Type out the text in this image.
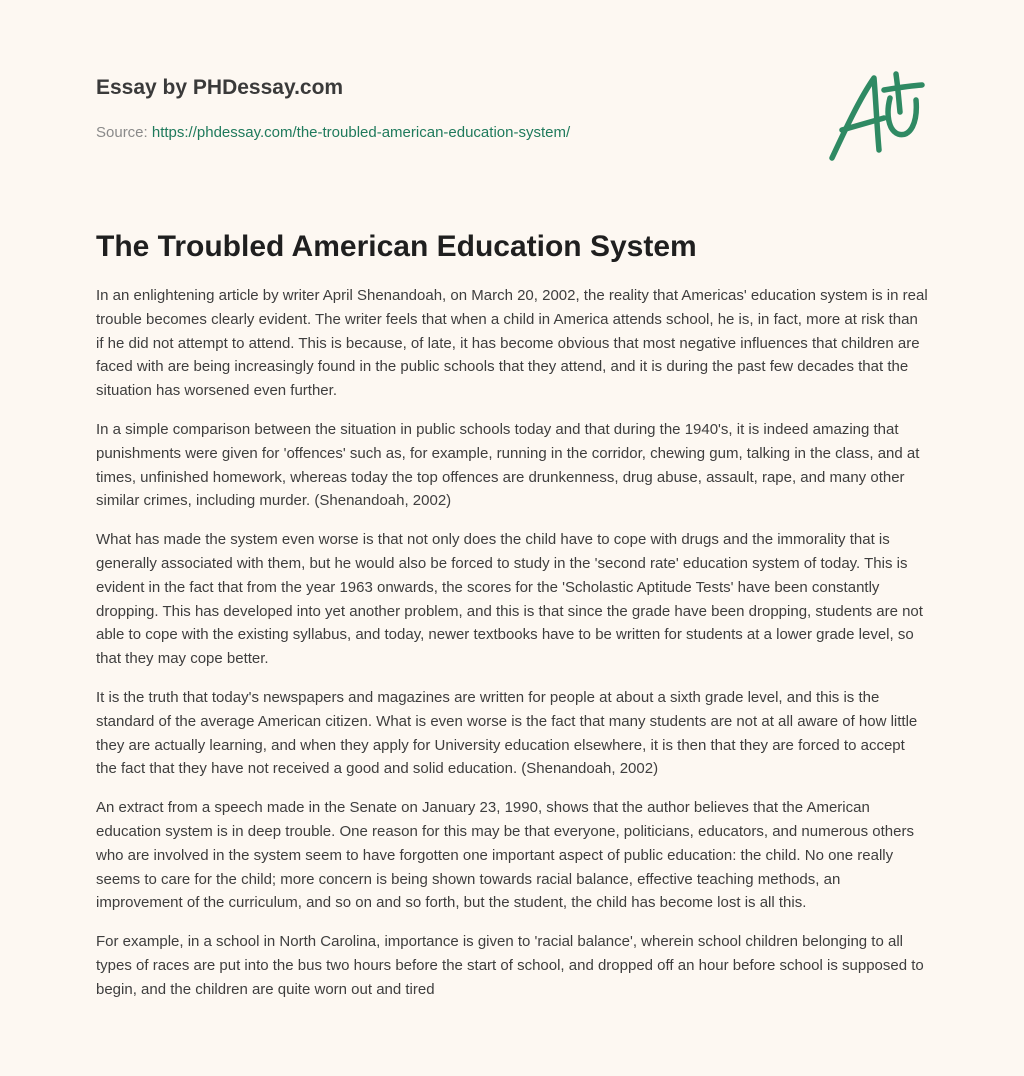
Essay by PHDessay.com
Source: https://phdessay.com/the-troubled-american-education-system/
The Troubled American Education System

In an enlightening article by writer April Shenandoah, on March 20, 2002, the reality that Americas' education system is in real trouble becomes clearly evident. The writer feels that when a child in America attends school, he is, in fact, more at risk than if he did not attempt to attend. This is because, of late, it has become obvious that most negative influences that children are faced with are being increasingly found in the public schools that they attend, and it is during the past few decades that the situation has worsened even further.

In a simple comparison between the situation in public schools today and that during the 1940's, it is indeed amazing that punishments were given for 'offences' such as, for example, running in the corridor, chewing gum, talking in the class, and at times, unfinished homework, whereas today the top offences are drunkenness, drug abuse, assault, rape, and many other similar crimes, including murder. (Shenandoah, 2002)

What has made the system even worse is that not only does the child have to cope with drugs and the immorality that is generally associated with them, but he would also be forced to study in the 'second rate' education system of today. This is evident in the fact that from the year 1963 onwards, the scores for the 'Scholastic Aptitude Tests' have been constantly dropping. This has developed into yet another problem, and this is that since the grade have been dropping, students are not able to cope with the existing syllabus, and today, newer textbooks have to be written for students at a lower grade level, so that they may cope better.

It is the truth that today's newspapers and magazines are written for people at about a sixth grade level, and this is the standard of the average American citizen. What is even worse is the fact that many students are not at all aware of how little they are actually learning, and when they apply for University education elsewhere, it is then that they are forced to accept the fact that they have not received a good and solid education. (Shenandoah, 2002)

An extract from a speech made in the Senate on January 23, 1990, shows that the author believes that the American education system is in deep trouble. One reason for this may be that everyone, politicians, educators, and numerous others who are involved in the system seem to have forgotten one important aspect of public education: the child. No one really seems to care for the child; more concern is being shown towards racial balance, effective teaching methods, an improvement of the curriculum, and so on and so forth, but the student, the child has become lost is all this.

For example, in a school in North Carolina, importance is given to 'racial balance', wherein school children belonging to all types of races are put into the bus two hours before the start of school, and dropped off an hour before school is supposed to begin, and the children are quite worn out and tired
